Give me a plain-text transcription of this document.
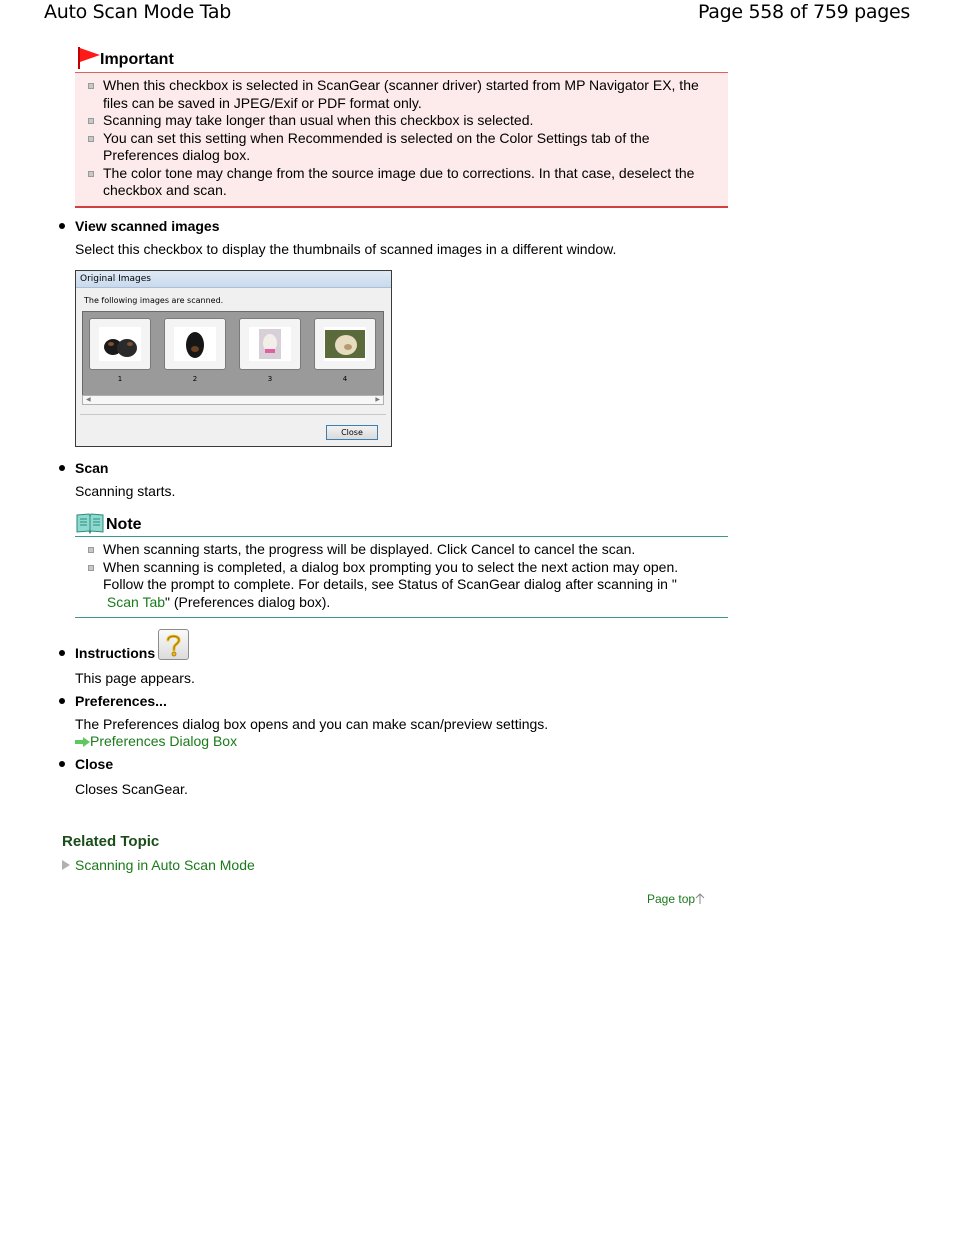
Auto Scan Mode Tab	Page 558 of 759 pages
Important
When this checkbox is selected in ScanGear (scanner driver) started from MP Navigator EX, the files can be saved in JPEG/Exif or PDF format only.
Scanning may take longer than usual when this checkbox is selected.
You can set this setting when Recommended is selected on the Color Settings tab of the Preferences dialog box.
The color tone may change from the source image due to corrections. In that case, deselect the checkbox and scan.
View scanned images
Select this checkbox to display the thumbnails of scanned images in a different window.
Original Images
The following images are scanned.
1	2	3	4
◀	▶
Close
Scan
Scanning starts.
Note
When scanning starts, the progress will be displayed. Click Cancel to cancel the scan.
When scanning is completed, a dialog box prompting you to select the next action may open. Follow the prompt to complete. For details, see Status of ScanGear dialog after scanning in "
Scan Tab" (Preferences dialog box).
Instructions
This page appears.
Preferences...
The Preferences dialog box opens and you can make scan/preview settings.
Preferences Dialog Box
Close
Closes ScanGear.
Related Topic
Scanning in Auto Scan Mode
Page top
